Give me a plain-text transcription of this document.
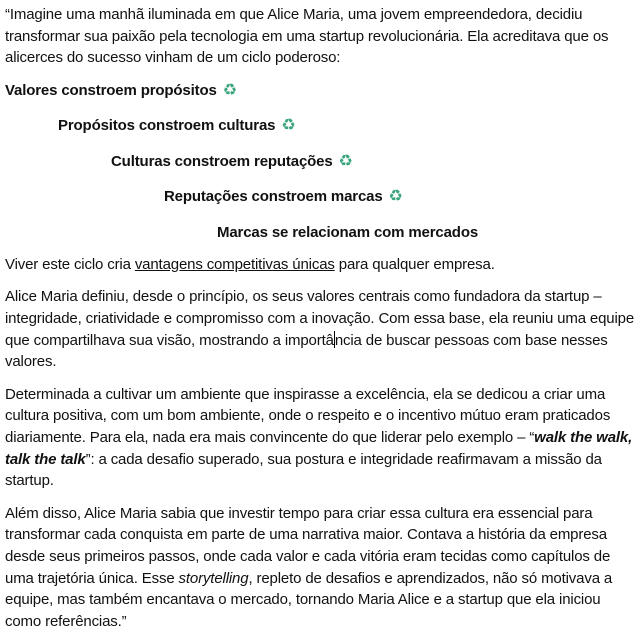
“Imagine uma manhã iluminada em que Alice Maria, uma jovem empreendedora, decidiu transformar sua paixão pela tecnologia em uma startup revolucionária. Ela acreditava que os alicerces do sucesso vinham de um ciclo poderoso:

Valores constroem propósitos ♻
Propósitos constroem culturas ♻
Culturas constroem reputações ♻
Reputações constroem marcas ♻
Marcas se relacionam com mercados

Viver este ciclo cria vantagens competitivas únicas para qualquer empresa.

Alice Maria definiu, desde o princípio, os seus valores centrais como fundadora da startup – integridade, criatividade e compromisso com a inovação. Com essa base, ela reuniu uma equipe que compartilhava sua visão, mostrando a importância de buscar pessoas com base nesses valores.

Determinada a cultivar um ambiente que inspirasse a excelência, ela se dedicou a criar uma cultura positiva, com um bom ambiente, onde o respeito e o incentivo mútuo eram praticados diariamente. Para ela, nada era mais convincente do que liderar pelo exemplo – “walk the walk, talk the talk”: a cada desafio superado, sua postura e integridade reafirmavam a missão da startup.

Além disso, Alice Maria sabia que investir tempo para criar essa cultura era essencial para transformar cada conquista em parte de uma narrativa maior. Contava a história da empresa desde seus primeiros passos, onde cada valor e cada vitória eram tecidas como capítulos de uma trajetória única. Esse storytelling, repleto de desafios e aprendizados, não só motivava a equipe, mas também encantava o mercado, tornando Maria Alice e a startup que ela iniciou como referências.”
